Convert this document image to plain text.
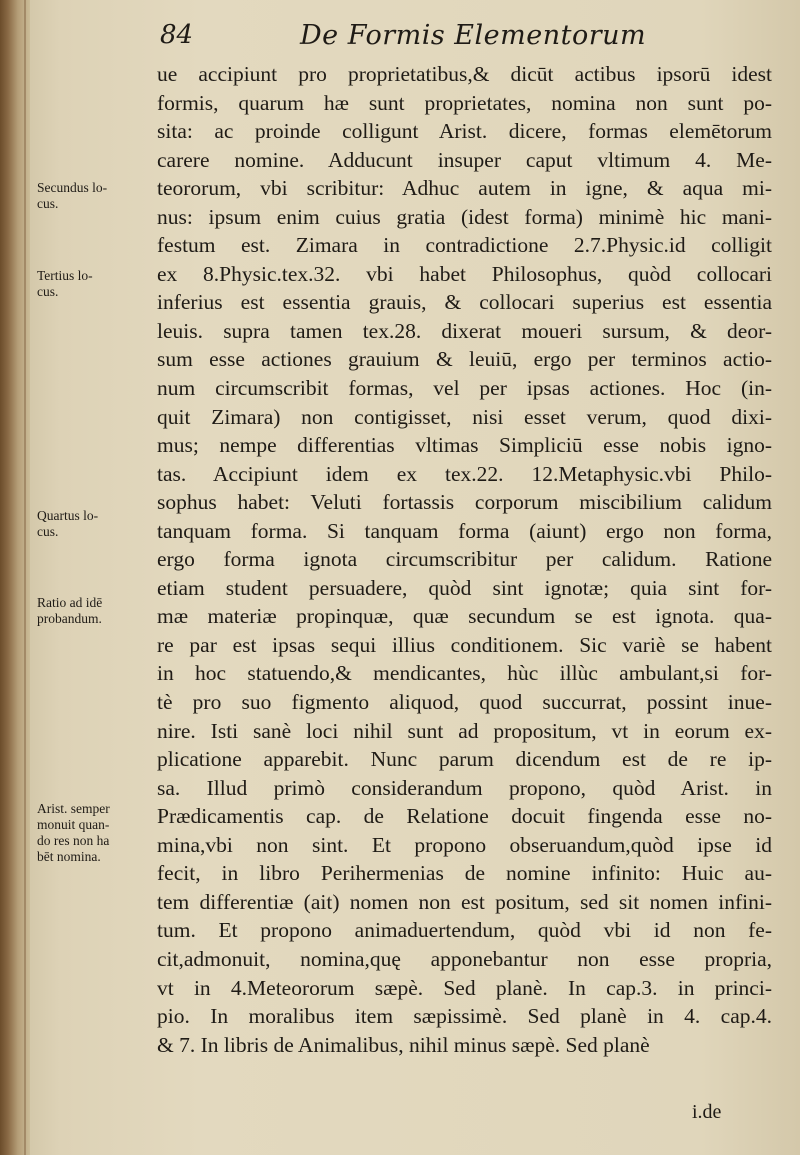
84	De Formis Elementorum
Secundus lo-
cus.
Tertius lo-
cus.
Quartus lo-
cus.
Ratio ad idē
probandum.
Arist. semper
monuit quan-
do res non ha
bēt nomina.
ue accipiunt pro proprietatibus,& dicūt actibus ipsorū idest
formis, quarum hæ sunt proprietates, nomina non sunt po-
sita: ac proinde colligunt Arist. dicere, formas elemētorum
carere nomine. Adducunt insuper caput vltimum 4. Me-
teororum, vbi scribitur: Adhuc autem in igne, & aqua mi-
nus: ipsum enim cuius gratia (idest forma) minimè hic mani-
festum est. Zimara in contradictione 2.7.Physic.id colligit
ex 8.Physic.tex.32. vbi habet Philosophus, quòd collocari
inferius est essentia grauis, & collocari superius est essentia
leuis. supra tamen tex.28. dixerat moueri sursum, & deor-
sum esse actiones grauium & leuiū, ergo per terminos actio-
num circumscribit formas, vel per ipsas actiones. Hoc (in-
quit Zimara) non contigisset, nisi esset verum, quod dixi-
mus; nempe differentias vltimas Simpliciū esse nobis igno-
tas. Accipiunt idem ex tex.22. 12.Metaphysic.vbi Philo-
sophus habet: Veluti fortassis corporum miscibilium calidum
tanquam forma. Si tanquam forma (aiunt) ergo non forma,
ergo forma ignota circumscribitur per calidum. Ratione
etiam student persuadere, quòd sint ignotæ; quia sint for-
mæ materiæ propinquæ, quæ secundum se est ignota. qua-
re par est ipsas sequi illius conditionem. Sic variè se habent
in hoc statuendo,& mendicantes, hùc illùc ambulant,si for-
tè pro suo figmento aliquod, quod succurrat, possint inue-
nire. Isti sanè loci nihil sunt ad propositum, vt in eorum ex-
plicatione apparebit. Nunc parum dicendum est de re ip-
sa. Illud primò considerandum propono, quòd Arist. in
Prædicamentis cap. de Relatione docuit fingenda esse no-
mina,vbi non sint. Et propono obseruandum,quòd ipse id
fecit, in libro Perihermenias de nomine infinito: Huic au-
tem differentiæ (ait) nomen non est positum, sed sit nomen infini-
tum. Et propono animaduertendum, quòd vbi id non fe-
cit,admonuit, nomina,quę apponebantur non esse propria,
vt in 4.Meteororum sæpè. Sed planè. In cap.3. in princi-
pio. In moralibus item sæpissimè. Sed planè in 4. cap.4.
& 7. In libris de Animalibus, nihil minus sæpè. Sed planè
i.de
